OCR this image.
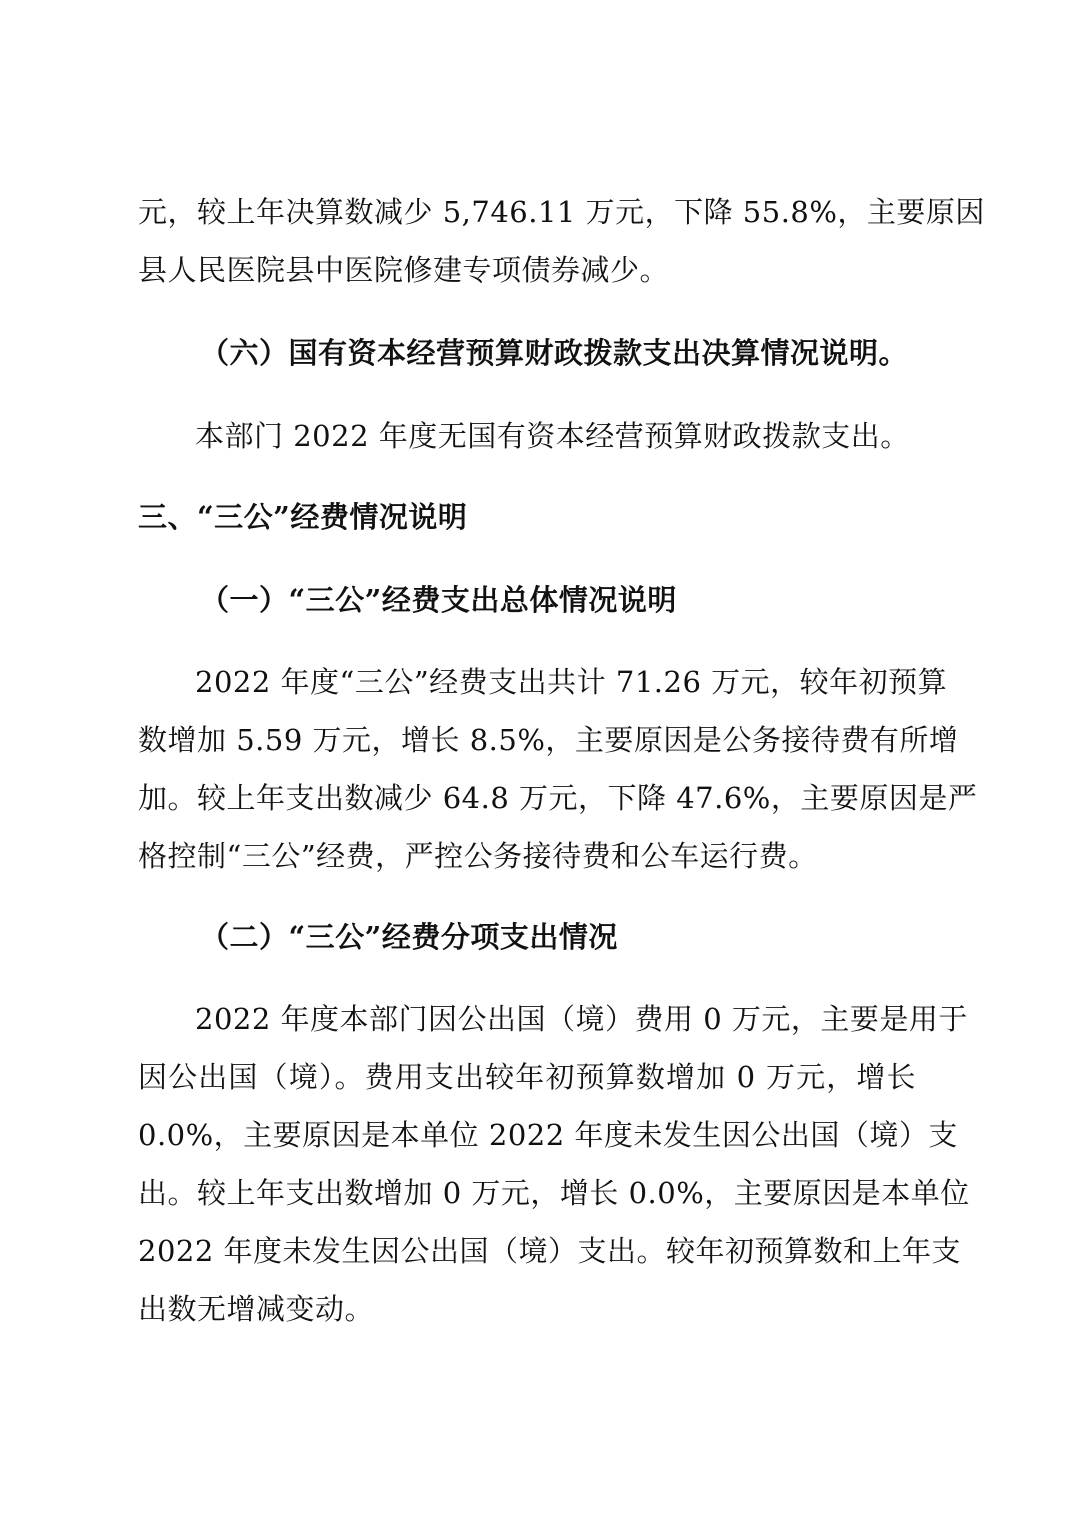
元，较上年决算数减少 5,746.11 万元，下降 55.8%，主要原因
县人民医院县中医院修建专项债券减少。
（六）国有资本经营预算财政拨款支出决算情况说明。
本部门 2022 年度无国有资本经营预算财政拨款支出。
三、“三公”经费情况说明
（一）“三公”经费支出总体情况说明
2022 年度“三公”经费支出共计 71.26 万元，较年初预算
数增加 5.59 万元，增长 8.5%，主要原因是公务接待费有所增
加。较上年支出数减少 64.8 万元，下降 47.6%，主要原因是严
格控制“三公”经费，严控公务接待费和公车运行费。
（二）“三公”经费分项支出情况
2022 年度本部门因公出国（境）费用 0 万元，主要是用于
因公出国（境）。费用支出较年初预算数增加 0 万元，增长
0.0%，主要原因是本单位 2022 年度未发生因公出国（境）支
出。较上年支出数增加 0 万元，增长 0.0%，主要原因是本单位
2022 年度未发生因公出国（境）支出。较年初预算数和上年支
出数无增减变动。
